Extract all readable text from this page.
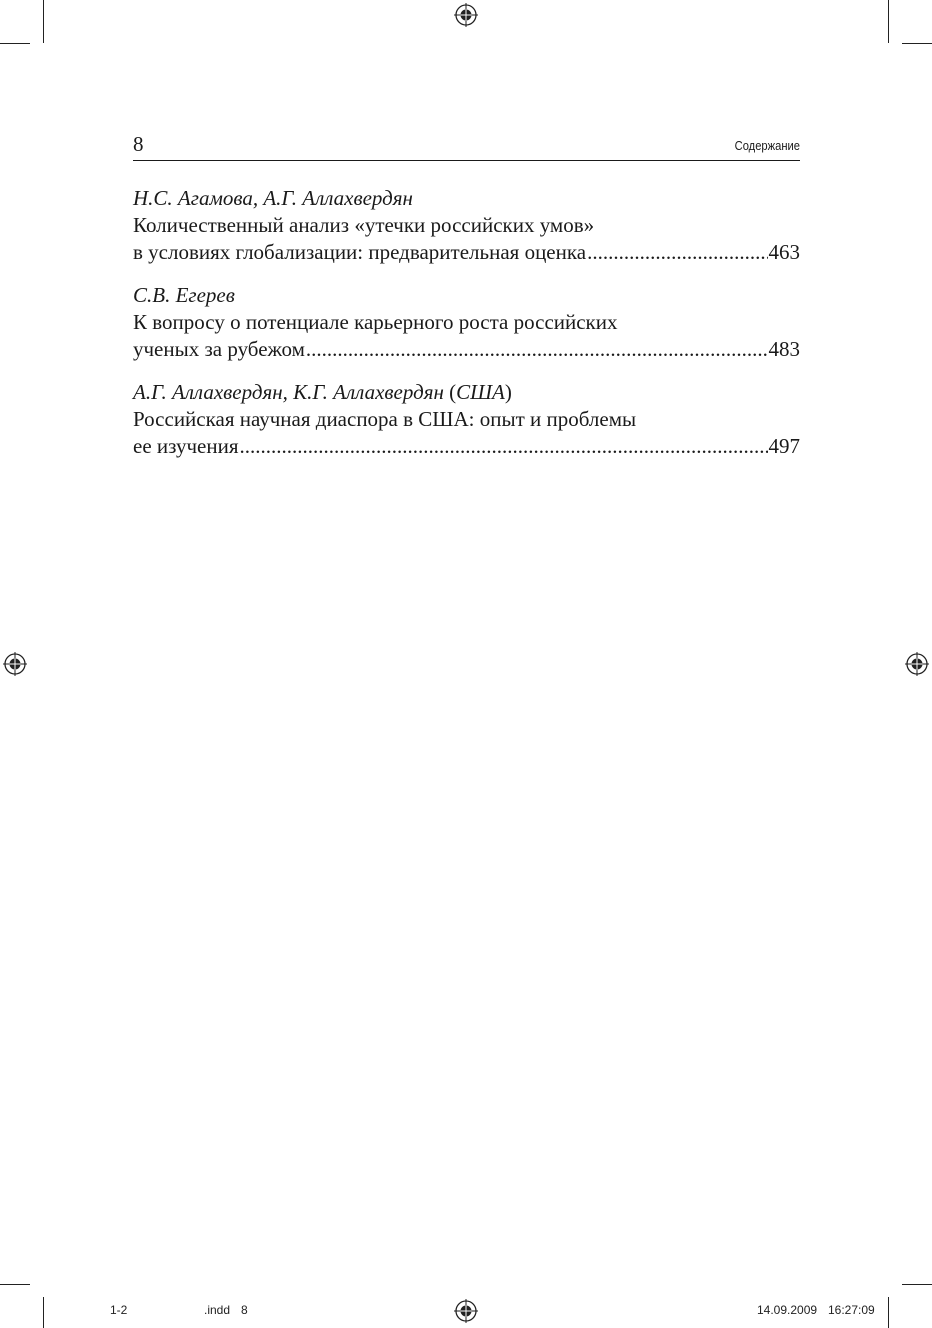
8	Содержание
Н.С. Агамова, А.Г. Аллахвердян
Количественный анализ «утечки российских умов»
в условиях глобализации: предварительная оценка .....	463
С.В. Егерев
К вопросу о потенциале карьерного роста российских
ученых за рубежом .....	483
А.Г. Аллахвердян, К.Г. Аллахвердян (США)
Российская научная диаспора в США: опыт и проблемы
ее изучения .....	497
1-2	.indd 8	14.09.2009 16:27:09
